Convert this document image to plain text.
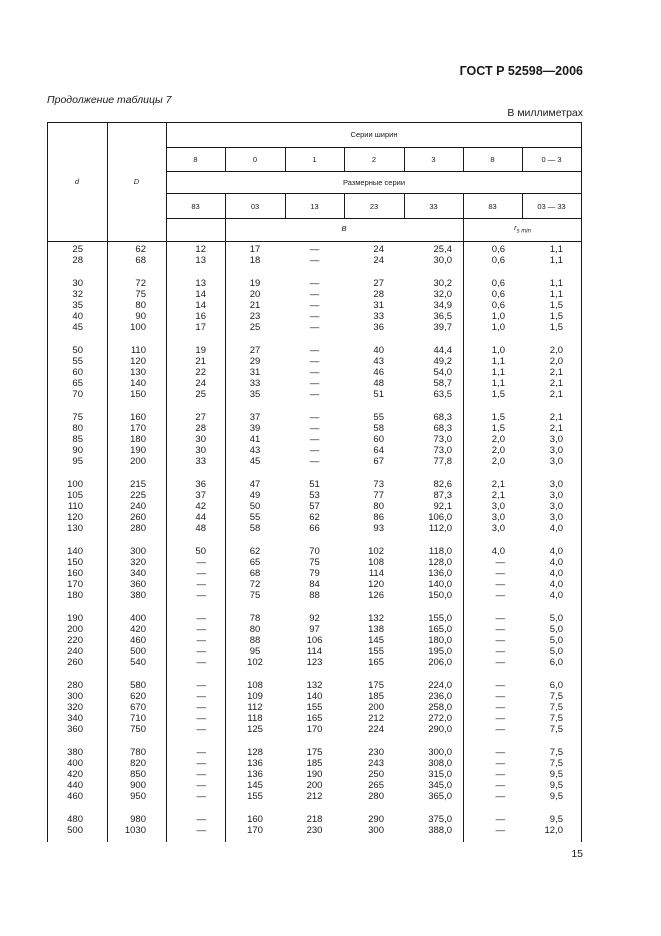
ГОСТ Р 52598—2006
Продолжение таблицы 7
В миллиметрах
d	D
Серии ширин
8	0	1	2	3	8	0 — 3
Размерные серии
83	03	13	23	33	83	03 — 33
B	$r_{s min}$
25	62	12	17	—	24	25,4	0,6	1,1
28	68	13	18	—	24	30,0	0,6	1,1
30	72	13	19	—	27	30,2	0,6	1,1
32	75	14	20	—	28	32,0	0,6	1,1
35	80	14	21	—	31	34,9	0,6	1,5
40	90	16	23	—	33	36,5	1,0	1,5
45	100	17	25	—	36	39,7	1,0	1,5
50	110	19	27	—	40	44,4	1,0	2,0
55	120	21	29	—	43	49,2	1,1	2,0
60	130	22	31	—	46	54,0	1,1	2,1
65	140	24	33	—	48	58,7	1,1	2,1
70	150	25	35	—	51	63,5	1,5	2,1
75	160	27	37	—	55	68,3	1,5	2,1
80	170	28	39	—	58	68,3	1,5	2,1
85	180	30	41	—	60	73,0	2,0	3,0
90	190	30	43	—	64	73,0	2,0	3,0
95	200	33	45	—	67	77,8	2,0	3,0
100	215	36	47	51	73	82,6	2,1	3,0
105	225	37	49	53	77	87,3	2,1	3,0
110	240	42	50	57	80	92,1	3,0	3,0
120	260	44	55	62	86	106,0	3,0	3,0
130	280	48	58	66	93	112,0	3,0	4,0
140	300	50	62	70	102	118,0	4,0	4,0
150	320	—	65	75	108	128,0	—	4,0
160	340	—	68	79	114	136,0	—	4,0
170	360	—	72	84	120	140,0	—	4,0
180	380	—	75	88	126	150,0	—	4,0
190	400	—	78	92	132	155,0	—	5,0
200	420	—	80	97	138	165,0	—	5,0
220	460	—	88	106	145	180,0	—	5,0
240	500	—	95	114	155	195,0	—	5,0
260	540	—	102	123	165	206,0	—	6,0
280	580	—	108	132	175	224,0	—	6,0
300	620	—	109	140	185	236,0	—	7,5
320	670	—	112	155	200	258,0	—	7,5
340	710	—	118	165	212	272,0	—	7,5
360	750	—	125	170	224	290,0	—	7,5
380	780	—	128	175	230	300,0	—	7,5
400	820	—	136	185	243	308,0	—	7,5
420	850	—	136	190	250	315,0	—	9,5
440	900	—	145	200	265	345,0	—	9,5
460	950	—	155	212	280	365,0	—	9,5
480	980	—	160	218	290	375,0	—	9,5
500	1030	—	170	230	300	388,0	—	12,0
15
